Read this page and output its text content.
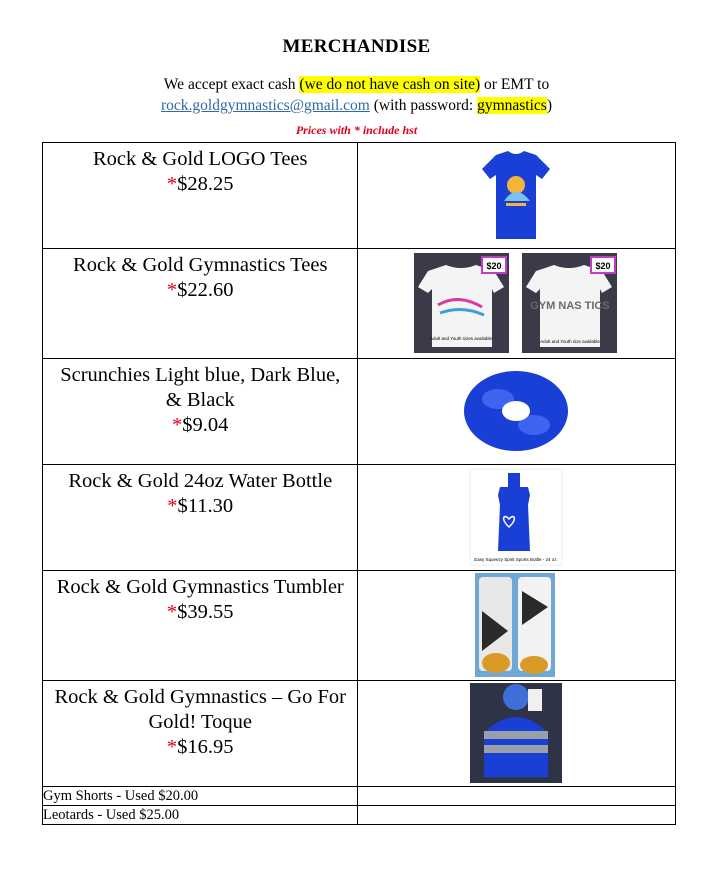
MERCHANDISE
We accept exact cash (we do not have cash on site) or EMT to
rock.goldgymnastics@gmail.com (with password: gymnastics)
Prices with * include hst
Rock & Gold LOGO Tees
*$28.25

Rock & Gold Gymnastics Tees
*$22.60	$20
Adult and Youth sizes available
GYM NAS TICS
$20
Adult and Youth size available

Scrunchies Light blue, Dark Blue, & Black
*$9.04

Rock & Gold 24oz Water Bottle
*$11.30	Easy Squeezy Spirit Sports Bottle - 24 oz.

Rock & Gold Gymnastics Tumbler
*$39.55

Rock & Gold Gymnastics – Go For Gold! Toque
*$16.95

Gym Shorts - Used $20.00	
Leotards - Used $25.00	
